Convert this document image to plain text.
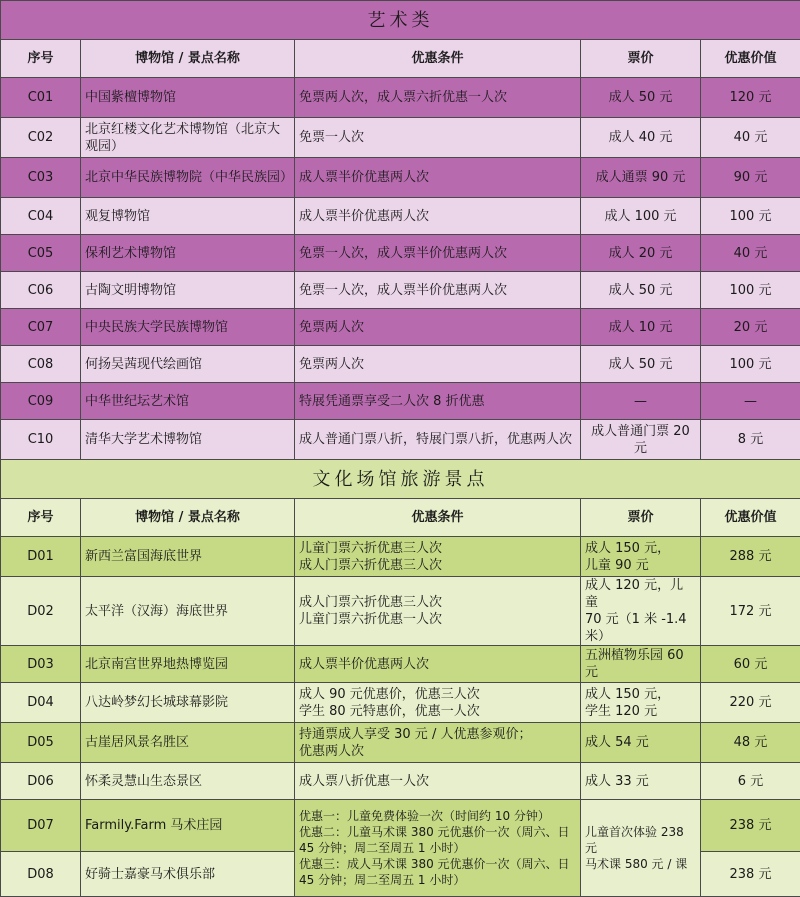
艺术类				
序号	博物馆 / 景点名称	优惠条件	票价	优惠价值
C01	中国紫檀博物馆	免票两人次，成人票六折优惠一人次	成人 50 元	120 元
C02	北京红楼文化艺术博物馆（北京大观园）	免票一人次	成人 40 元	40 元
C03	北京中华民族博物院（中华民族园）	成人票半价优惠两人次	成人通票 90 元	90 元
C04	观复博物馆	成人票半价优惠两人次	成人 100 元	100 元
C05	保利艺术博物馆	免票一人次，成人票半价优惠两人次	成人 20 元	40 元
C06	古陶文明博物馆	免票一人次，成人票半价优惠两人次	成人 50 元	100 元
C07	中央民族大学民族博物馆	免票两人次	成人 10 元	20 元
C08	何扬吴茜现代绘画馆	免票两人次	成人 50 元	100 元
C09	中华世纪坛艺术馆	特展凭通票享受二人次 8 折优惠	—	—
C10	清华大学艺术博物馆	成人普通门票八折，特展门票八折，优惠两人次	成人普通门票 20 元	8 元
文化场馆旅游景点				
序号	博物馆 / 景点名称	优惠条件	票价	优惠价值
D01	新西兰富国海底世界	儿童门票六折优惠三人次
成人门票六折优惠三人次	成人 150 元，
儿童 90 元	288 元
D02	太平洋（汉海）海底世界	成人门票六折优惠三人次
儿童门票六折优惠一人次	成人 120 元，儿童
70 元（1 米 -1.4 米）	172 元
D03	北京南宫世界地热博览园	成人票半价优惠两人次	五洲植物乐园 60 元	60 元
D04	八达岭梦幻长城球幕影院	成人 90 元优惠价，优惠三人次
学生 80 元特惠价，优惠一人次	成人 150 元，
学生 120 元	220 元
D05	古崖居风景名胜区	持通票成人享受 30 元 / 人优惠参观价；
优惠两人次	成人 54 元	48 元
D06	怀柔灵慧山生态景区	成人票八折优惠一人次	成人 33 元	6 元
D07	Farmily.Farm 马术庄园	优惠一：儿童免费体验一次（时间约 10 分钟）
优惠二：儿童马术课 380 元优惠价一次（周六、日 45 分钟；周二至周五 1 小时）
优惠三：成人马术课 380 元优惠价一次（周六、日 45 分钟；周二至周五 1 小时）	儿童首次体验 238 元
马术课 580 元 / 课	238 元
D08	好骑士嘉豪马术俱乐部			238 元
